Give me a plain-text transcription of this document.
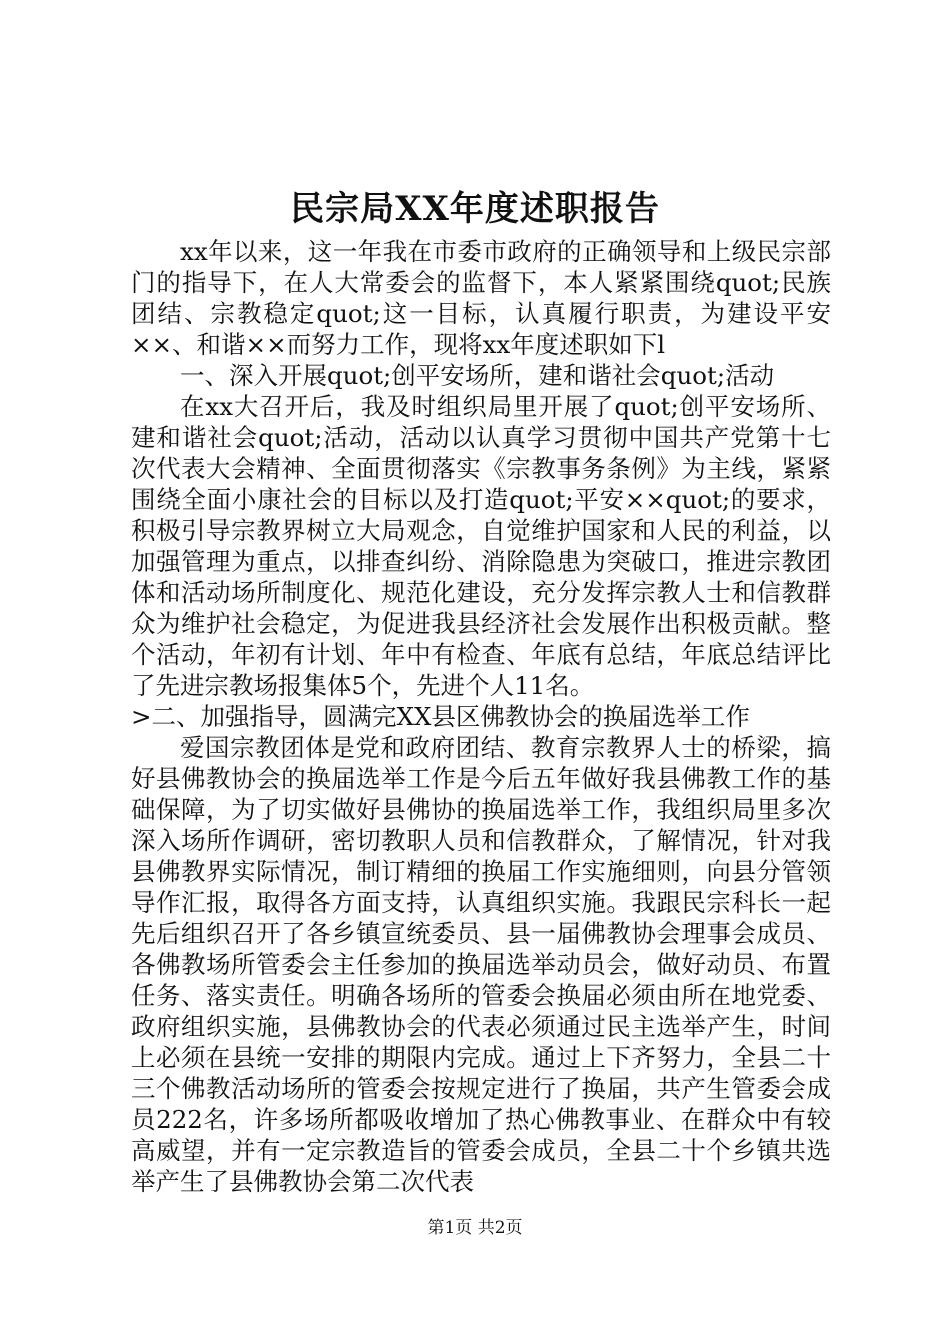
民宗局XX年度述职报告

xx年以来，这一年我在市委市政府的正确领导和上级民宗部门的指导下，在人大常委会的监督下，本人紧紧围绕quot;民族团结、宗教稳定quot;这一目标，认真履行职责，为建设平安××、和谐××而努力工作，现将xx年度述职如下l

一、深入开展quot;创平安场所，建和谐社会quot;活动

在xx大召开后，我及时组织局里开展了quot;创平安场所、建和谐社会quot;活动，活动以认真学习贯彻中国共产党第十七次代表大会精神、全面贯彻落实《宗教事务条例》为主线，紧紧围绕全面小康社会的目标以及打造quot;平安××quot;的要求，积极引导宗教界树立大局观念，自觉维护国家和人民的利益，以加强管理为重点，以排查纠纷、消除隐患为突破口，推进宗教团体和活动场所制度化、规范化建设，充分发挥宗教人士和信教群众为维护社会稳定，为促进我县经济社会发展作出积极贡献。整个活动，年初有计划、年中有检查、年底有总结，年底总结评比了先进宗教场报集体5个，先进个人11名。

>二、加强指导，圆满完XX县区佛教协会的换届选举工作

爱国宗教团体是党和政府团结、教育宗教界人士的桥梁，搞好县佛教协会的换届选举工作是今后五年做好我县佛教工作的基础保障，为了切实做好县佛协的换届选举工作，我组织局里多次深入场所作调研，密切教职人员和信教群众，了解情况，针对我县佛教界实际情况，制订精细的换届工作实施细则，向县分管领导作汇报，取得各方面支持，认真组织实施。我跟民宗科长一起先后组织召开了各乡镇宣统委员、县一届佛教协会理事会成员、各佛教场所管委会主任参加的换届选举动员会，做好动员、布置任务、落实责任。明确各场所的管委会换届必须由所在地党委、政府组织实施，县佛教协会的代表必须通过民主选举产生，时间上必须在县统一安排的期限内完成。通过上下齐努力，全县二十三个佛教活动场所的管委会按规定进行了换届，共产生管委会成员222名，许多场所都吸收增加了热心佛教事业、在群众中有较高威望，并有一定宗教造旨的管委会成员，全县二十个乡镇共选举产生了县佛教协会第二次代表

第1页 共2页
